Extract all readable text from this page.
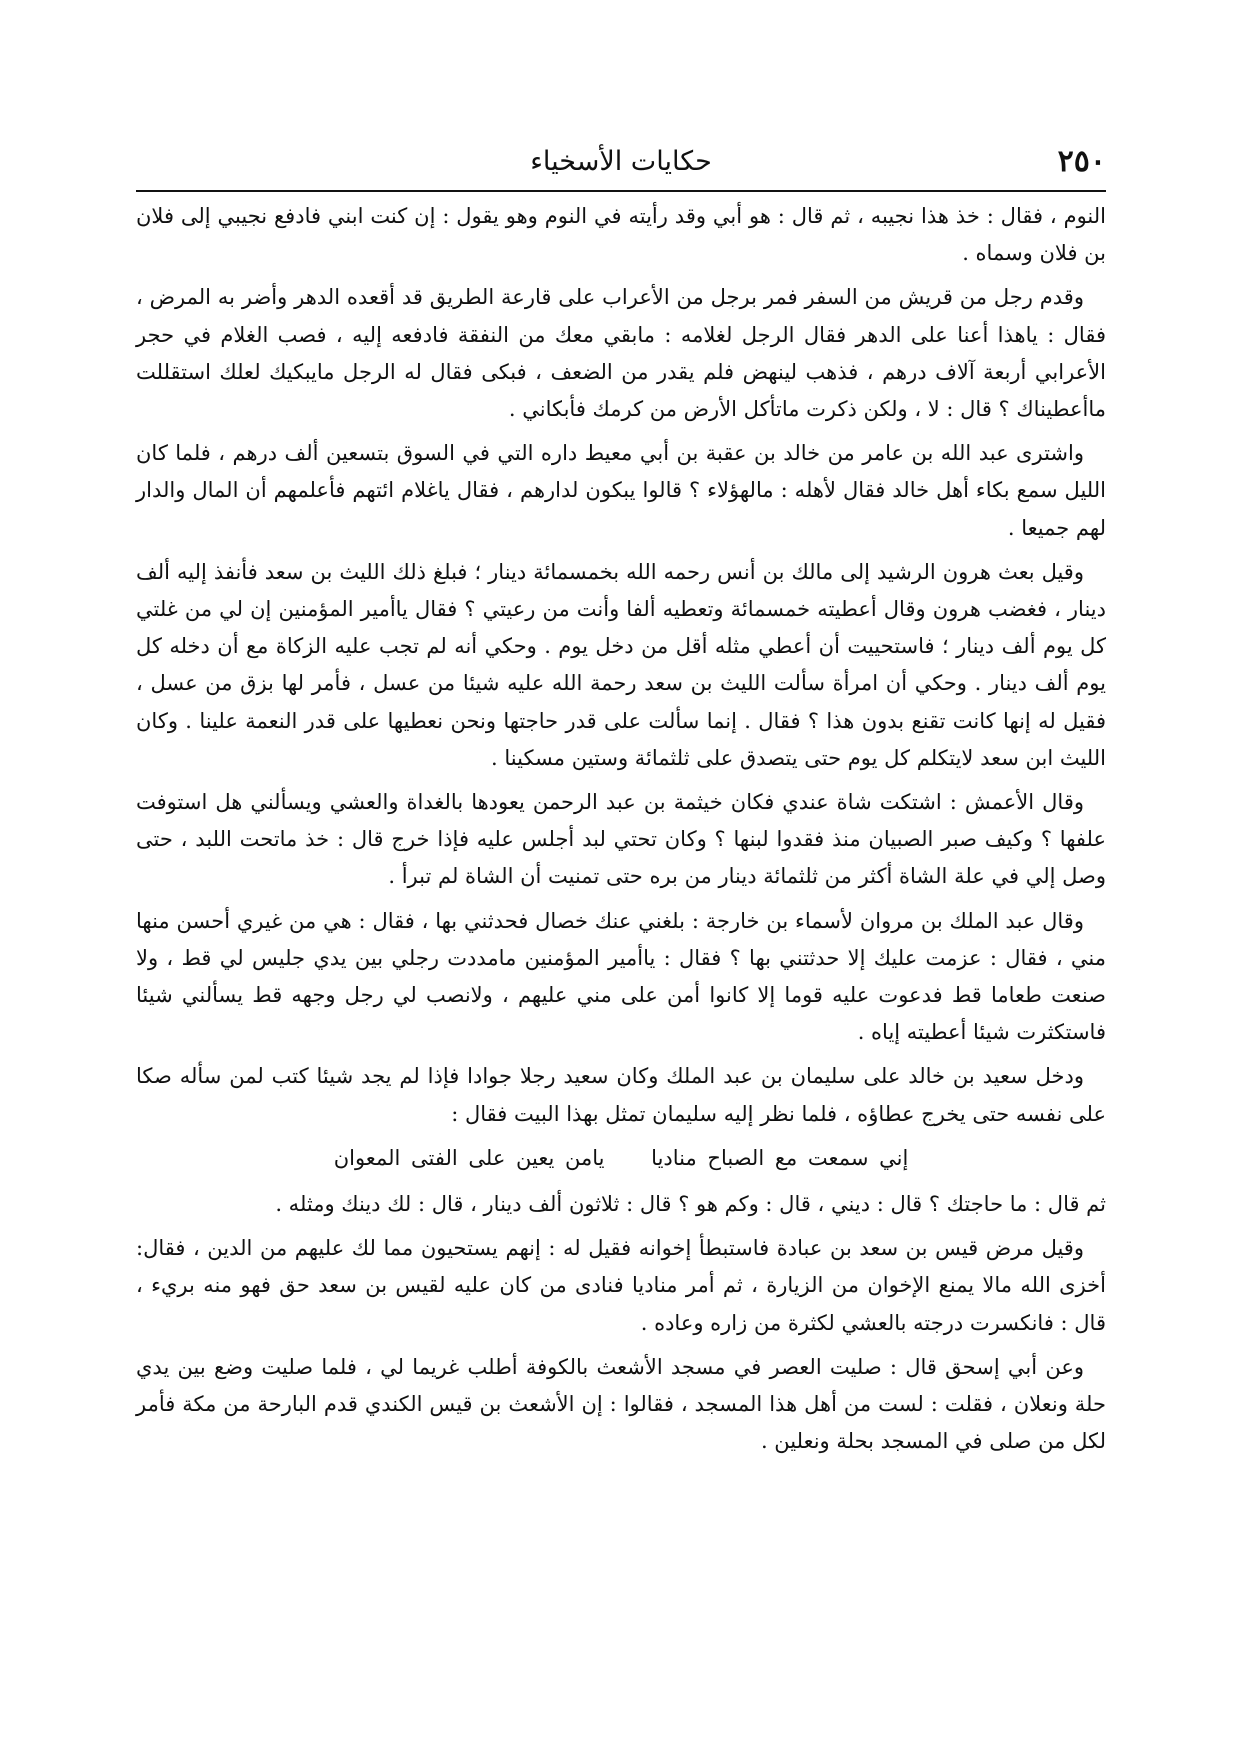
٢٥٠
حكايات الأسخياء

النوم ، فقال : خذ هذا نجيبه ، ثم قال : هو أبي وقد رأيته في النوم وهو يقول : إن كنت ابني فادفع نجيبي إلى فلان بن فلان وسماه .

وقدم رجل من قريش من السفر فمر برجل من الأعراب على قارعة الطريق قد أقعده الدهر وأضر به المرض ، فقال : ياهذا أعنا على الدهر فقال الرجل لغلامه : مابقي معك من النفقة فادفعه إليه ، فصب الغلام في حجر الأعرابي أربعة آلاف درهم ، فذهب لينهض فلم يقدر من الضعف ، فبكى فقال له الرجل مايبكيك لعلك استقللت ماأعطيناك ؟ قال : لا ، ولكن ذكرت ماتأكل الأرض من كرمك فأبكاني .

واشترى عبد الله بن عامر من خالد بن عقبة بن أبي معيط داره التي في السوق بتسعين ألف درهم ، فلما كان الليل سمع بكاء أهل خالد فقال لأهله : مالهؤلاء ؟ قالوا يبكون لدارهم ، فقال ياغلام ائتهم فأعلمهم أن المال والدار لهم جميعا .

وقيل بعث هرون الرشيد إلى مالك بن أنس رحمه الله بخمسمائة دينار ؛ فبلغ ذلك الليث بن سعد فأنفذ إليه ألف دينار ، فغضب هرون وقال أعطيته خمسمائة وتعطيه ألفا وأنت من رعيتي ؟ فقال ياأمير المؤمنين إن لي من غلتي كل يوم ألف دينار ؛ فاستحييت أن أعطي مثله أقل من دخل يوم . وحكي أنه لم تجب عليه الزكاة مع أن دخله كل يوم ألف دينار . وحكي أن امرأة سألت الليث بن سعد رحمة الله عليه شيئا من عسل ، فأمر لها بزق من عسل ، فقيل له إنها كانت تقنع بدون هذا ؟ فقال . إنما سألت على قدر حاجتها ونحن نعطيها على قدر النعمة علينا . وكان الليث ابن سعد لايتكلم كل يوم حتى يتصدق على ثلثمائة وستين مسكينا .

وقال الأعمش : اشتكت شاة عندي فكان خيثمة بن عبد الرحمن يعودها بالغداة والعشي ويسألني هل استوفت علفها ؟ وكيف صبر الصبيان منذ فقدوا لبنها ؟ وكان تحتي لبد أجلس عليه فإذا خرج قال : خذ ماتحت اللبد ، حتى وصل إلي في علة الشاة أكثر من ثلثمائة دينار من بره حتى تمنيت أن الشاة لم تبرأ .

وقال عبد الملك بن مروان لأسماء بن خارجة : بلغني عنك خصال فحدثني بها ، فقال : هي من غيري أحسن منها مني ، فقال : عزمت عليك إلا حدثتني بها ؟ فقال : ياأمير المؤمنين مامددت رجلي بين يدي جليس لي قط ، ولا صنعت طعاما قط فدعوت عليه قوما إلا كانوا أمن على مني عليهم ، ولانصب لي رجل وجهه قط يسألني شيئا فاستكثرت شيئا أعطيته إياه .

ودخل سعيد بن خالد على سليمان بن عبد الملك وكان سعيد رجلا جوادا فإذا لم يجد شيئا كتب لمن سأله صكا على نفسه حتى يخرج عطاؤه ، فلما نظر إليه سليمان تمثل بهذا البيت فقال :

إني سمعت مع الصباح مناديا يامن يعين على الفتى المعوان

ثم قال : ما حاجتك ؟ قال : ديني ، قال : وكم هو ؟ قال : ثلاثون ألف دينار ، قال : لك دينك ومثله .

وقيل مرض قيس بن سعد بن عبادة فاستبطأ إخوانه فقيل له : إنهم يستحيون مما لك عليهم من الدين ، فقال: أخزى الله مالا يمنع الإخوان من الزيارة ، ثم أمر مناديا فنادى من كان عليه لقيس بن سعد حق فهو منه بريء ، قال : فانكسرت درجته بالعشي لكثرة من زاره وعاده .

وعن أبي إسحق قال : صليت العصر في مسجد الأشعث بالكوفة أطلب غريما لي ، فلما صليت وضع بين يدي حلة ونعلان ، فقلت : لست من أهل هذا المسجد ، فقالوا : إن الأشعث بن قيس الكندي قدم البارحة من مكة فأمر لكل من صلى في المسجد بحلة ونعلين .
